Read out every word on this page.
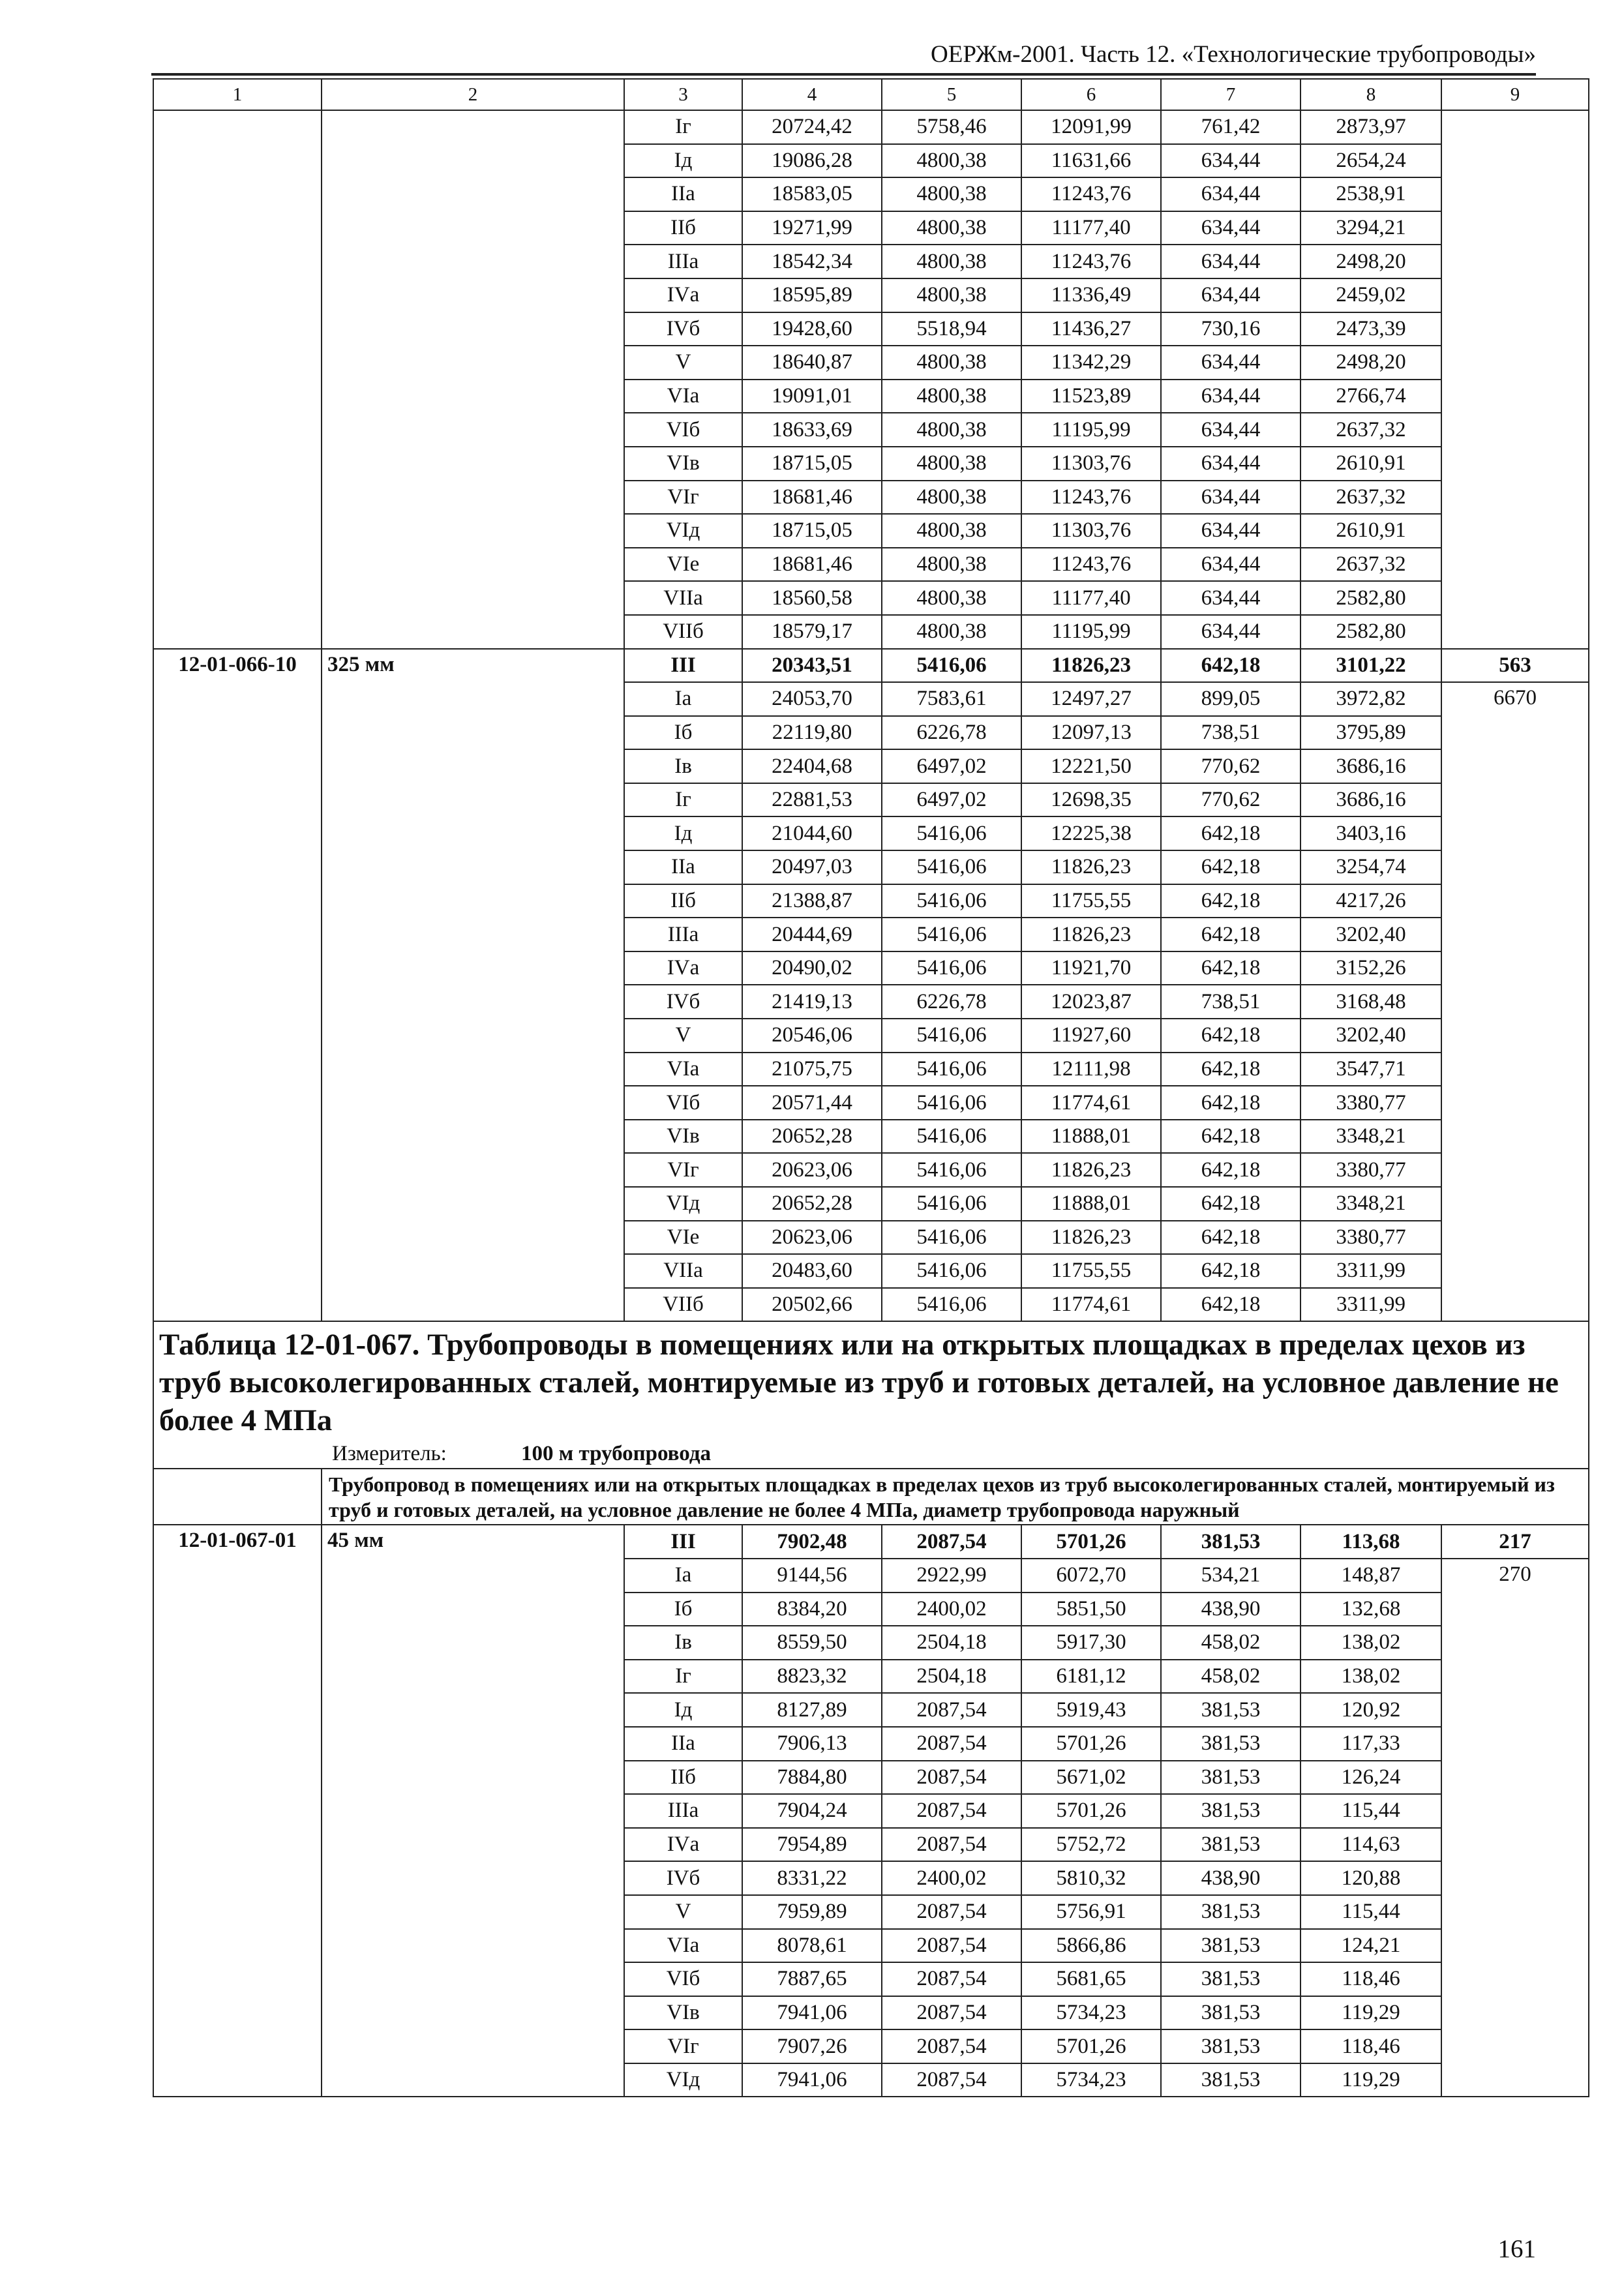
ОЕРЖм-2001. Часть 12. «Технологические трубопроводы»
1	2	3	4	5	6	7	8	9
		Iг	20724,42	5758,46	12091,99	761,42	2873,97	
		Iд	19086,28	4800,38	11631,66	634,44	2654,24	
		IIа	18583,05	4800,38	11243,76	634,44	2538,91	
		IIб	19271,99	4800,38	11177,40	634,44	3294,21	
		IIIа	18542,34	4800,38	11243,76	634,44	2498,20	
		IVа	18595,89	4800,38	11336,49	634,44	2459,02	
		IVб	19428,60	5518,94	11436,27	730,16	2473,39	
		V	18640,87	4800,38	11342,29	634,44	2498,20	
		VIа	19091,01	4800,38	11523,89	634,44	2766,74	
		VIб	18633,69	4800,38	11195,99	634,44	2637,32	
		VIв	18715,05	4800,38	11303,76	634,44	2610,91	
		VIг	18681,46	4800,38	11243,76	634,44	2637,32	
		VIд	18715,05	4800,38	11303,76	634,44	2610,91	
		VIе	18681,46	4800,38	11243,76	634,44	2637,32	
		VIIа	18560,58	4800,38	11177,40	634,44	2582,80	
		VIIб	18579,17	4800,38	11195,99	634,44	2582,80	
12-01-066-10	325 мм	III	20343,51	5416,06	11826,23	642,18	3101,22	563
		Iа	24053,70	7583,61	12497,27	899,05	3972,82	6670
		Iб	22119,80	6226,78	12097,13	738,51	3795,89	
		Iв	22404,68	6497,02	12221,50	770,62	3686,16	
		Iг	22881,53	6497,02	12698,35	770,62	3686,16	
		Iд	21044,60	5416,06	12225,38	642,18	3403,16	
		IIа	20497,03	5416,06	11826,23	642,18	3254,74	
		IIб	21388,87	5416,06	11755,55	642,18	4217,26	
		IIIа	20444,69	5416,06	11826,23	642,18	3202,40	
		IVа	20490,02	5416,06	11921,70	642,18	3152,26	
		IVб	21419,13	6226,78	12023,87	738,51	3168,48	
		V	20546,06	5416,06	11927,60	642,18	3202,40	
		VIа	21075,75	5416,06	12111,98	642,18	3547,71	
		VIб	20571,44	5416,06	11774,61	642,18	3380,77	
		VIв	20652,28	5416,06	11888,01	642,18	3348,21	
		VIг	20623,06	5416,06	11826,23	642,18	3380,77	
		VIд	20652,28	5416,06	11888,01	642,18	3348,21	
		VIе	20623,06	5416,06	11826,23	642,18	3380,77	
		VIIа	20483,60	5416,06	11755,55	642,18	3311,99	
		VIIб	20502,66	5416,06	11774,61	642,18	3311,99	
Таблица 12-01-067. Трубопроводы в помещениях или на открытых площадках в пределах цехов из труб высоколегированных сталей, монтируемые из труб и готовых деталей, на условное давление не более 4 МПа
Измеритель: 100 м трубопровода								

	Трубопровод в помещениях или на открытых площадках в пределах цехов из труб высоколегированных сталей, монтируемый из труб и готовых деталей, на условное давление не более 4 МПа, диаметр трубопровода наружный							
12-01-067-01	45 мм	III	7902,48	2087,54	5701,26	381,53	113,68	217
		Iа	9144,56	2922,99	6072,70	534,21	148,87	270
		Iб	8384,20	2400,02	5851,50	438,90	132,68	
		Iв	8559,50	2504,18	5917,30	458,02	138,02	
		Iг	8823,32	2504,18	6181,12	458,02	138,02	
		Iд	8127,89	2087,54	5919,43	381,53	120,92	
		IIа	7906,13	2087,54	5701,26	381,53	117,33	
		IIб	7884,80	2087,54	5671,02	381,53	126,24	
		IIIа	7904,24	2087,54	5701,26	381,53	115,44	
		IVа	7954,89	2087,54	5752,72	381,53	114,63	
		IVб	8331,22	2400,02	5810,32	438,90	120,88	
		V	7959,89	2087,54	5756,91	381,53	115,44	
		VIа	8078,61	2087,54	5866,86	381,53	124,21	
		VIб	7887,65	2087,54	5681,65	381,53	118,46	
		VIв	7941,06	2087,54	5734,23	381,53	119,29	
		VIг	7907,26	2087,54	5701,26	381,53	118,46	
		VIд	7941,06	2087,54	5734,23	381,53	119,29	
161
